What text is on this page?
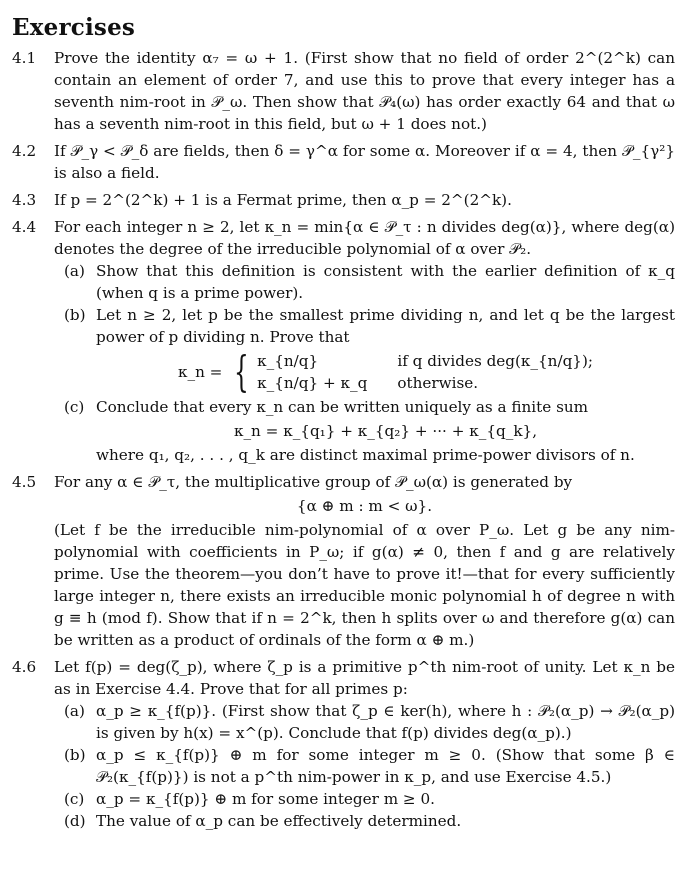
Exercises
4.1 Prove the identity α₇ = ω + 1. (First show that no field of order 2^(2^k) can contain an element of order 7, and use this to prove that every integer has a seventh nim-root in 𝒫_ω. Then show that 𝒫₄(ω) has order exactly 64 and that ω has a seventh nim-root in this field, but ω + 1 does not.)
4.2 If 𝒫_γ < 𝒫_δ are fields, then δ = γ^α for some α. Moreover if α = 4, then 𝒫_{γ²} is also a field.
4.3 If p = 2^(2^k) + 1 is a Fermat prime, then α_p = 2^(2^k).
4.4 For each integer n ≥ 2, let κ_n = min{α ∈ 𝒫_τ : n divides deg(α)}, where deg(α) denotes the degree of the irreducible polynomial of α over 𝒫₂.
(a) Show that this definition is consistent with the earlier definition of κ_q (when q is a prime power).
(b) Let n ≥ 2, let p be the smallest prime dividing n, and let q be the largest power of p dividing n. Prove that
κ_n = { κ_{n/q}	if q divides deg(κ_{n/q});
κ_{n/q} + κ_q otherwise.
(c) Conclude that every κ_n can be written uniquely as a finite sum
κ_n = κ_{q₁} + κ_{q₂} + ··· + κ_{q_k},
where q₁, q₂, . . . , q_k are distinct maximal prime-power divisors of n.
4.5 For any α ∈ 𝒫_τ, the multiplicative group of 𝒫_ω(α) is generated by
{α ⊕ m : m < ω}.
(Let f be the irreducible nim-polynomial of α over P_ω. Let g be any nim-polynomial with coefficients in P_ω; if g(α) ≠ 0, then f and g are relatively prime. Use the theorem—you don’t have to prove it!—that for every sufficiently large integer n, there exists an irreducible monic polynomial h of degree n with g ≡ h (mod f). Show that if n = 2^k, then h splits over ω and therefore g(α) can be written as a product of ordinals of the form α ⊕ m.)
4.6 Let f(p) = deg(ζ_p), where ζ_p is a primitive p^th nim-root of unity. Let κ_n be as in Exercise 4.4. Prove that for all primes p:
(a) α_p ≥ κ_{f(p)}. (First show that ζ_p ∈ ker(h), where h : 𝒫₂(α_p) → 𝒫₂(α_p) is given by h(x) = x^(p). Conclude that f(p) divides deg(α_p).)
(b) α_p ≤ κ_{f(p)} ⊕ m for some integer m ≥ 0. (Show that some β ∈ 𝒫₂(κ_{f(p)}) is not a p^th nim-power in κ_p, and use Exercise 4.5.)
(c) α_p = κ_{f(p)} ⊕ m for some integer m ≥ 0.
(d) The value of α_p can be effectively determined.
